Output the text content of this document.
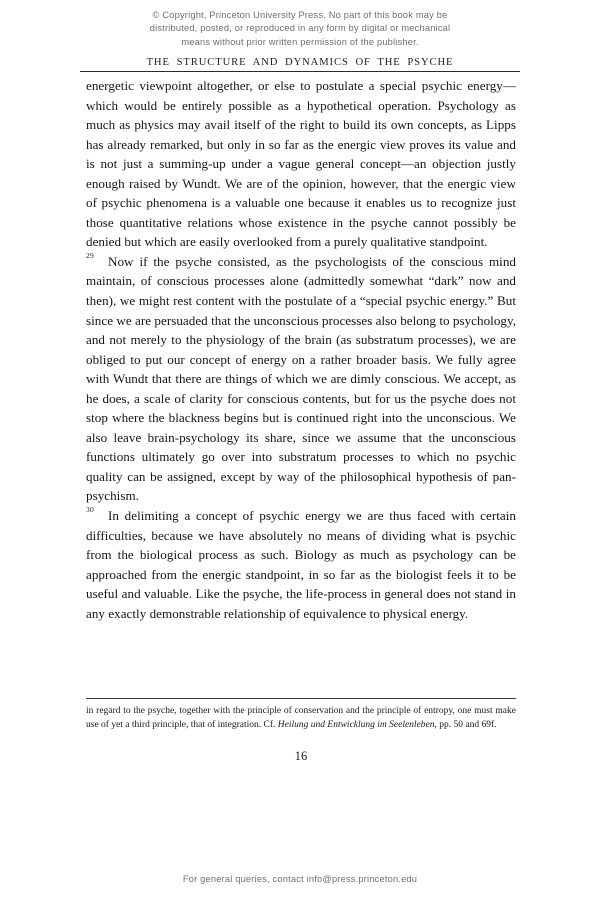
© Copyright, Princeton University Press. No part of this book may be
distributed, posted, or reproduced in any form by digital or mechanical
means without prior written permission of the publisher.
THE STRUCTURE AND DYNAMICS OF THE PSYCHE

energetic viewpoint altogether, or else to postulate a special psychic energy—which would be entirely possible as a hypothetical operation. Psychology as much as physics may avail itself of the right to build its own concepts, as Lipps has already remarked, but only in so far as the energic view proves its value and is not just a summing-up under a vague general concept—an objection justly enough raised by Wundt. We are of the opinion, however, that the energic view of psychic phenomena is a valuable one because it enables us to recognize just those quantitative relations whose existence in the psyche cannot possibly be denied but which are easily overlooked from a purely qualitative standpoint.

29 Now if the psyche consisted, as the psychologists of the conscious mind maintain, of conscious processes alone (admittedly somewhat “dark” now and then), we might rest content with the postulate of a “special psychic energy.” But since we are persuaded that the unconscious processes also belong to psychology, and not merely to the physiology of the brain (as substratum processes), we are obliged to put our concept of energy on a rather broader basis. We fully agree with Wundt that there are things of which we are dimly conscious. We accept, as he does, a scale of clarity for conscious contents, but for us the psyche does not stop where the blackness begins but is continued right into the unconscious. We also leave brain-psychology its share, since we assume that the unconscious functions ultimately go over into substratum processes to which no psychic quality can be assigned, except by way of the philosophical hypothesis of pan-psychism.

30 In delimiting a concept of psychic energy we are thus faced with certain difficulties, because we have absolutely no means of dividing what is psychic from the biological process as such. Biology as much as psychology can be approached from the energic standpoint, in so far as the biologist feels it to be useful and valuable. Like the psyche, the life-process in general does not stand in any exactly demonstrable relationship of equivalence to physical energy.

in regard to the psyche, together with the principle of conservation and the principle of entropy, one must make use of yet a third principle, that of integration. Cf. Heilung und Entwicklung im Seelenleben, pp. 50 and 69f.

16
For general queries, contact info@press.princeton.edu
